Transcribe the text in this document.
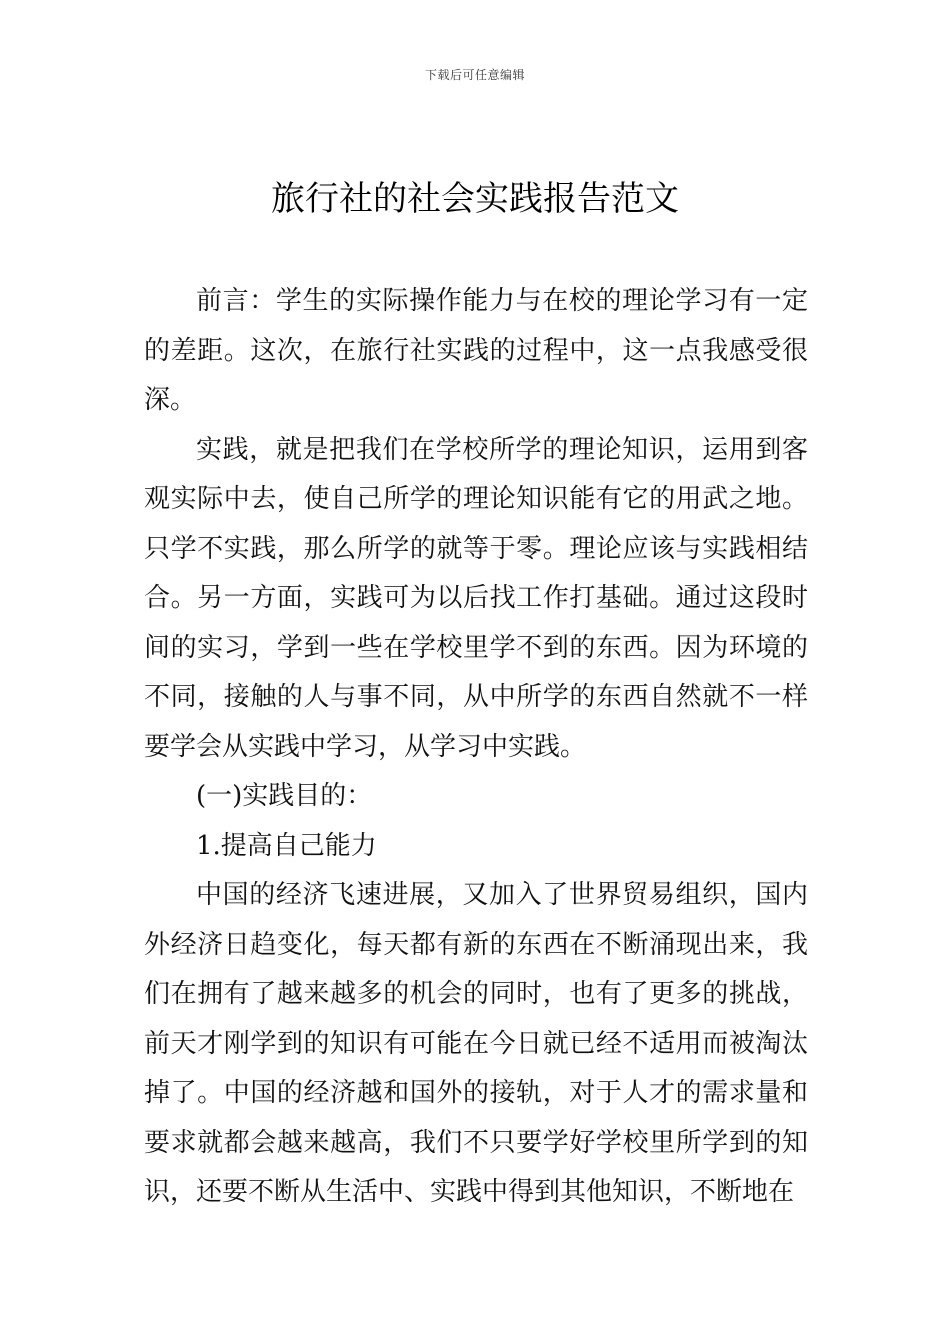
下载后可任意编辑
旅行社的社会实践报告范文

前言：学生的实际操作能力与在校的理论学习有一定的差距。这次，在旅行社实践的过程中，这一点我感受很深。

实践，就是把我们在学校所学的理论知识，运用到客观实际中去，使自己所学的理论知识能有它的用武之地。只学不实践，那么所学的就等于零。理论应该与实践相结合。另一方面，实践可为以后找工作打基础。通过这段时间的实习，学到一些在学校里学不到的东西。因为环境的不同，接触的人与事不同，从中所学的东西自然就不一样要学会从实践中学习，从学习中实践。

(一)实践目的：

1.提高自己能力

中国的经济飞速进展，又加入了世界贸易组织，国内外经济日趋变化，每天都有新的东西在不断涌现出来，我们在拥有了越来越多的机会的同时，也有了更多的挑战，前天才刚学到的知识有可能在今日就已经不适用而被淘汰掉了。中国的经济越和国外的接轨，对于人才的需求量和要求就都会越来越高，我们不只要学好学校里所学到的知识，还要不断从生活中、实践中得到其他知识，不断地在
